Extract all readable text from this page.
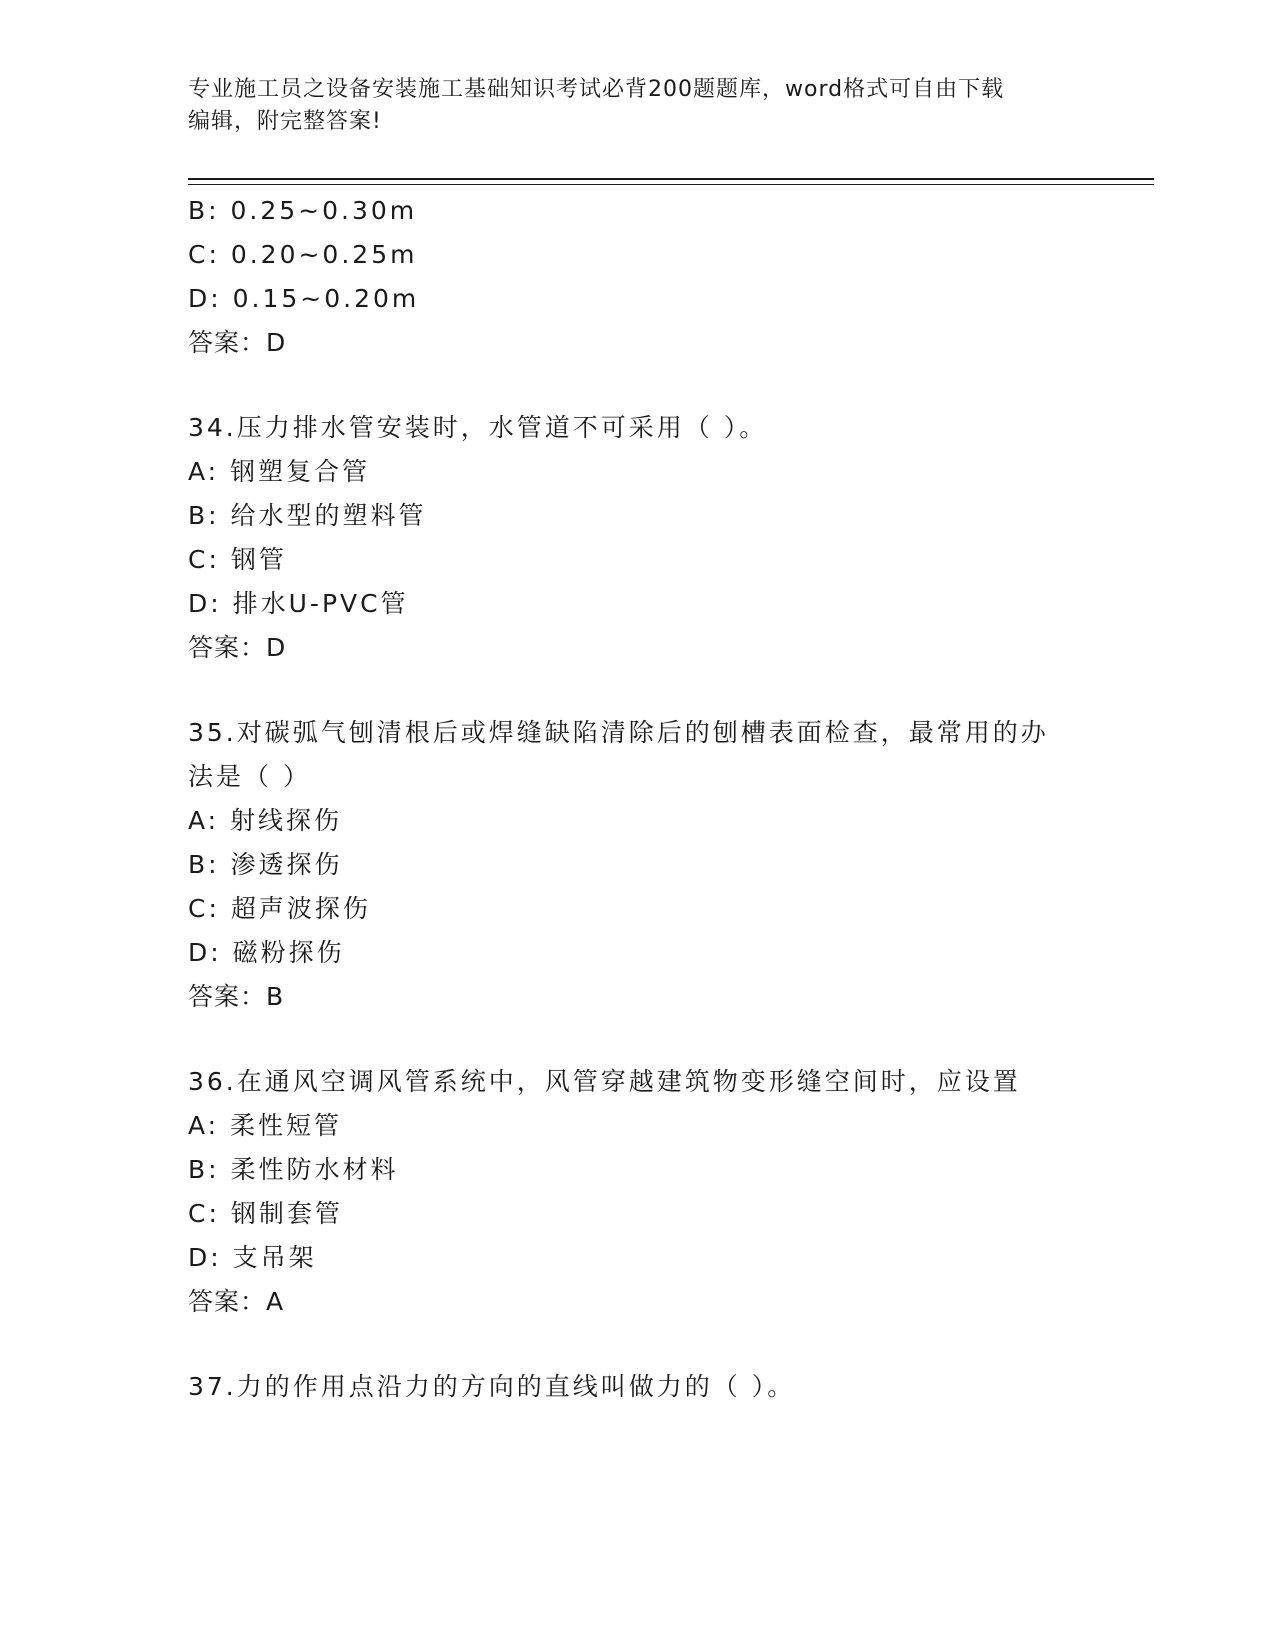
专业施工员之设备安装施工基础知识考试必背200题题库，word格式可自由下载
编辑，附完整答案!
B: 0.25~0.30m
C: 0.20~0.25m
D: 0.15~0.20m
答案：D
34.压力排水管安装时，水管道不可采用（ ）。
A: 钢塑复合管
B: 给水型的塑料管
C: 钢管
D: 排水U-PVC管
答案：D
35.对碳弧气刨清根后或焊缝缺陷清除后的刨槽表面检查，最常用的办
法是（ ）
A: 射线探伤
B: 渗透探伤
C: 超声波探伤
D: 磁粉探伤
答案：B
36.在通风空调风管系统中，风管穿越建筑物变形缝空间时，应设置
A: 柔性短管
B: 柔性防水材料
C: 钢制套管
D: 支吊架
答案：A
37.力的作用点沿力的方向的直线叫做力的（ ）。
